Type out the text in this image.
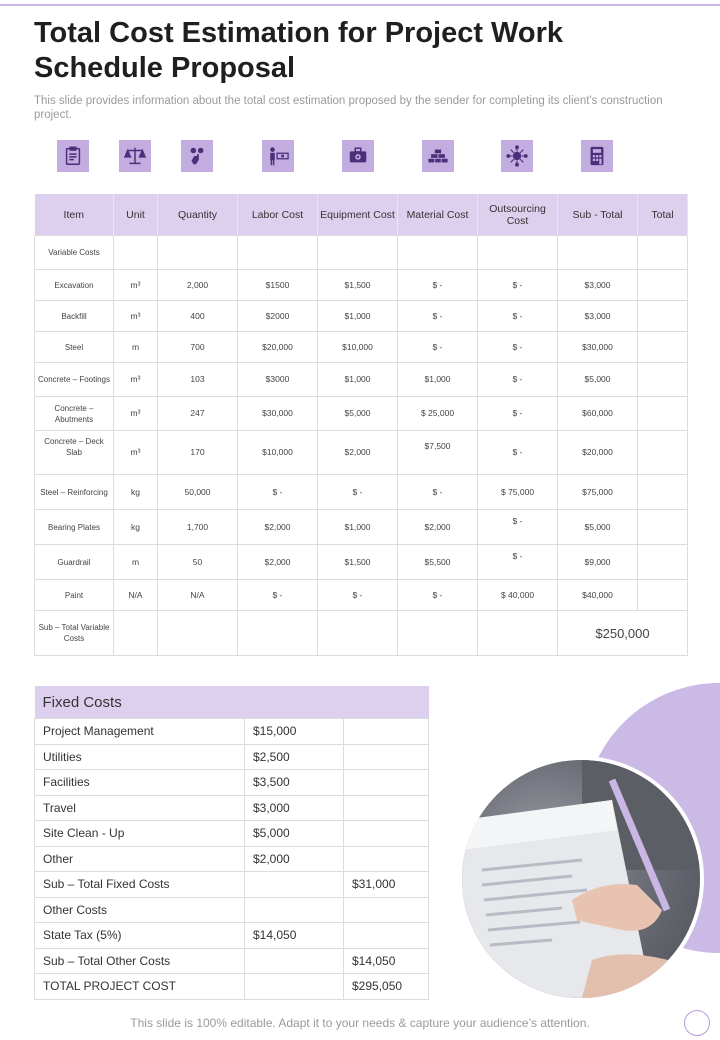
Total Cost Estimation for Project Work Schedule Proposal
This slide provides information about the total cost estimation proposed by the sender for completing its client's construction project.
Item	Unit	Quantity	Labor Cost	Equipment Cost	Material Cost	Outsourcing Cost	Sub - Total	Total
Variable Costs								
Excavation	m³	2,000	$1500	$1,500	$ -	$ -	$3,000	
Backfill	m³	400	$2000	$1,000	$ -	$ -	$3,000	
Steel	m	700	$20,000	$10,000	$ -	$ -	$30,000	
Concrete – Footings	m³	103	$3000	$1,000	$1,000	$ -	$5,000	
Concrete – Abutments	m³	247	$30,000	$5,000	$ 25,000	$ -	$60,000	
Concrete – Deck Slab	m³	170	$10,000	$2,000	$7,500	$ -	$20,000	
Steel – Reinforcing	kg	50,000	$ -	$ -	$ -	$ 75,000	$75,000	
Bearing Plates	kg	1,700	$2,000	$1,000	$2,000	$ -	$5,000	
Guardrail	m	50	$2,000	$1,500	$5,500	$ -	$9,000	
Paint	N/A	N/A	$ -	$ -	$ -	$ 40,000	$40,000	
Sub – Total Variable Costs							$250,000	
Fixed Costs		
Project Management	$15,000	
Utilities	$2,500	
Facilities	$3,500	
Travel	$3,000	
Site Clean - Up	$5,000	
Other	$2,000	
Sub – Total Fixed Costs		$31,000
Other Costs		
State Tax (5%)	$14,050	
Sub – Total Other Costs		$14,050
TOTAL PROJECT COST		$295,050
This slide is 100% editable. Adapt it to your needs & capture your audience’s attention.
